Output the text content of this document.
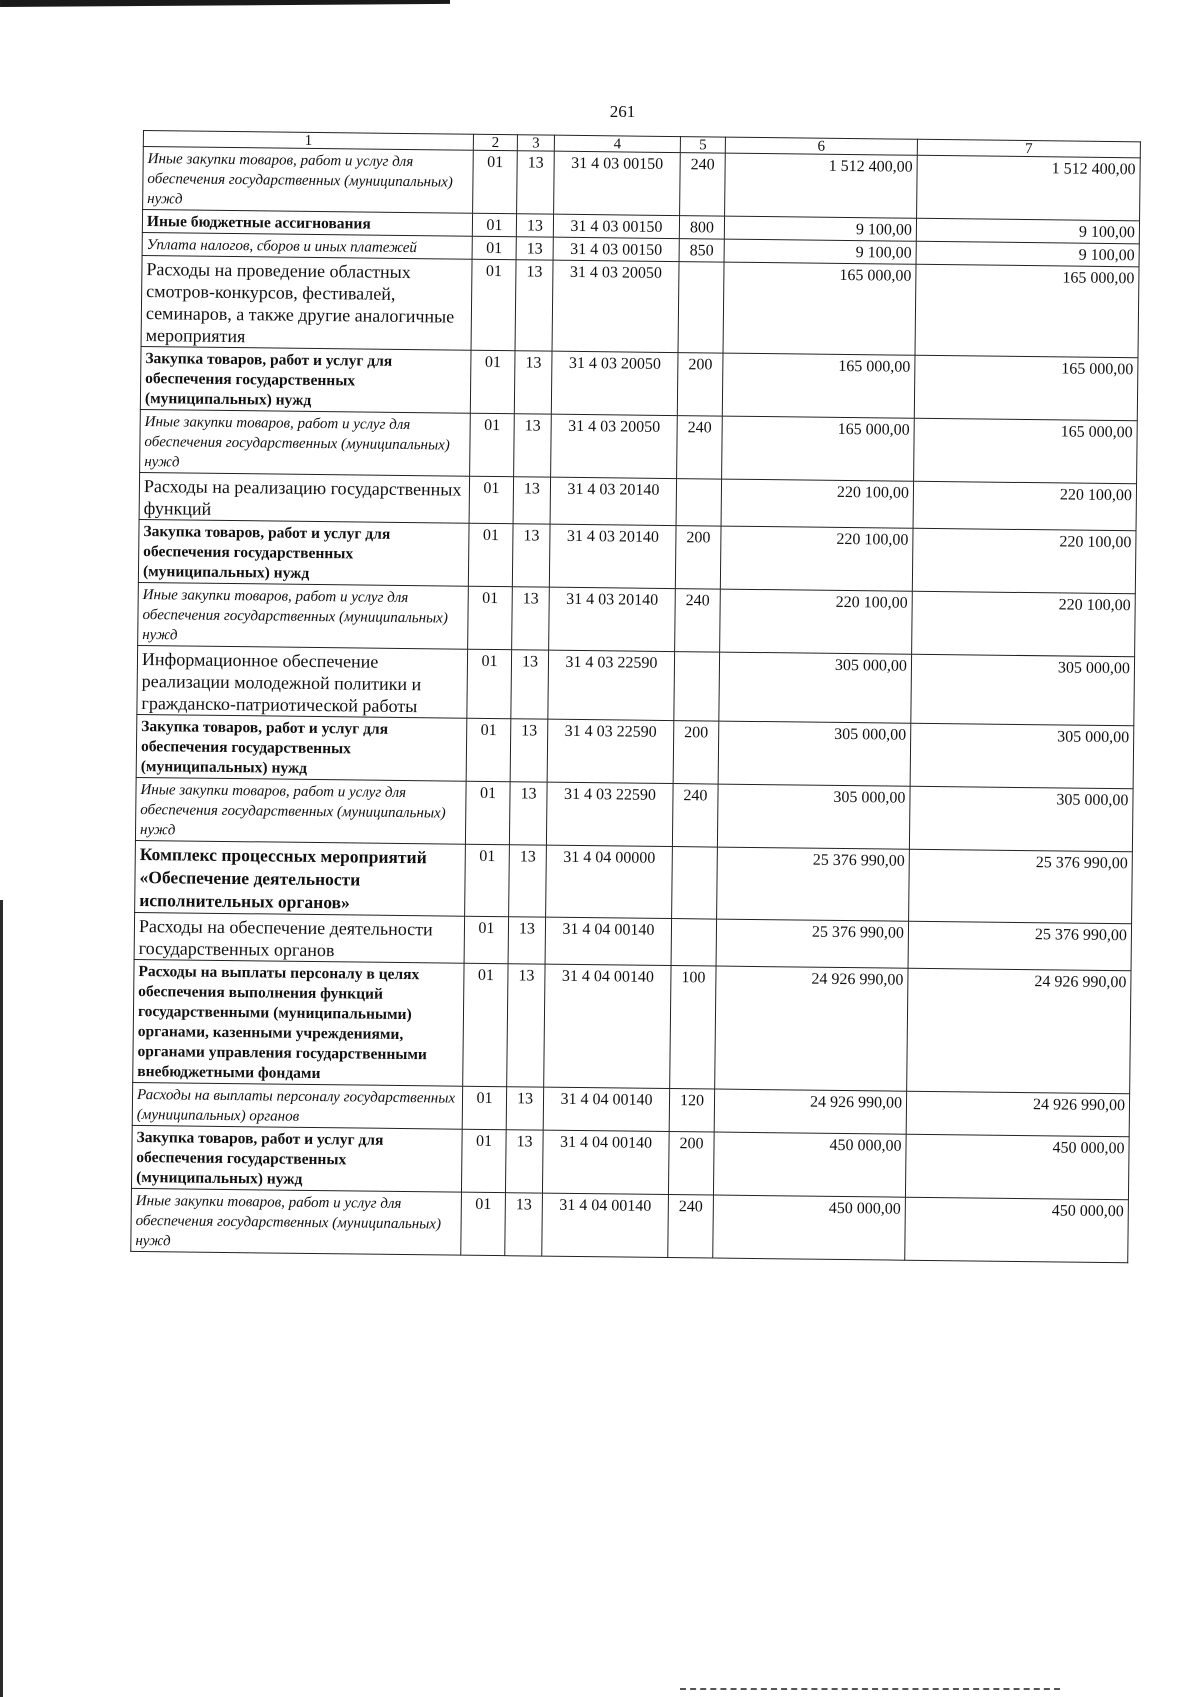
261
1	2	3	4	5	6	7
Иные закупки товаров, работ и услуг для обеспечения государственных (муниципальных) нужд	01	13	31 4 03 00150	240	1 512 400,00	1 512 400,00
Иные бюджетные ассигнования	01	13	31 4 03 00150	800	9 100,00	9 100,00
Уплата налогов, сборов и иных платежей	01	13	31 4 03 00150	850	9 100,00	9 100,00
Расходы на проведение областных смотров-конкурсов, фестивалей, семинаров, а также другие аналогичные мероприятия	01	13	31 4 03 20050		165 000,00	165 000,00
Закупка товаров, работ и услуг для обеспечения государственных (муниципальных) нужд	01	13	31 4 03 20050	200	165 000,00	165 000,00
Иные закупки товаров, работ и услуг для обеспечения государственных (муниципальных) нужд	01	13	31 4 03 20050	240	165 000,00	165 000,00
Расходы на реализацию государственных функций	01	13	31 4 03 20140		220 100,00	220 100,00
Закупка товаров, работ и услуг для обеспечения государственных (муниципальных) нужд	01	13	31 4 03 20140	200	220 100,00	220 100,00
Иные закупки товаров, работ и услуг для обеспечения государственных (муниципальных) нужд	01	13	31 4 03 20140	240	220 100,00	220 100,00
Информационное обеспечение реализации молодежной политики и гражданско-патриотической работы	01	13	31 4 03 22590		305 000,00	305 000,00
Закупка товаров, работ и услуг для обеспечения государственных (муниципальных) нужд	01	13	31 4 03 22590	200	305 000,00	305 000,00
Иные закупки товаров, работ и услуг для обеспечения государственных (муниципальных) нужд	01	13	31 4 03 22590	240	305 000,00	305 000,00
Комплекс процессных мероприятий «Обеспечение деятельности исполнительных органов»	01	13	31 4 04 00000		25 376 990,00	25 376 990,00
Расходы на обеспечение деятельности государственных органов	01	13	31 4 04 00140		25 376 990,00	25 376 990,00
Расходы на выплаты персоналу в целях обеспечения выполнения функций государственными (муниципальными) органами, казенными учреждениями, органами управления государственными внебюджетными фондами	01	13	31 4 04 00140	100	24 926 990,00	24 926 990,00
Расходы на выплаты персоналу государственных (муниципальных) органов	01	13	31 4 04 00140	120	24 926 990,00	24 926 990,00
Закупка товаров, работ и услуг для обеспечения государственных (муниципальных) нужд	01	13	31 4 04 00140	200	450 000,00	450 000,00
Иные закупки товаров, работ и услуг для обеспечения государственных (муниципальных) нужд	01	13	31 4 04 00140	240	450 000,00	450 000,00
